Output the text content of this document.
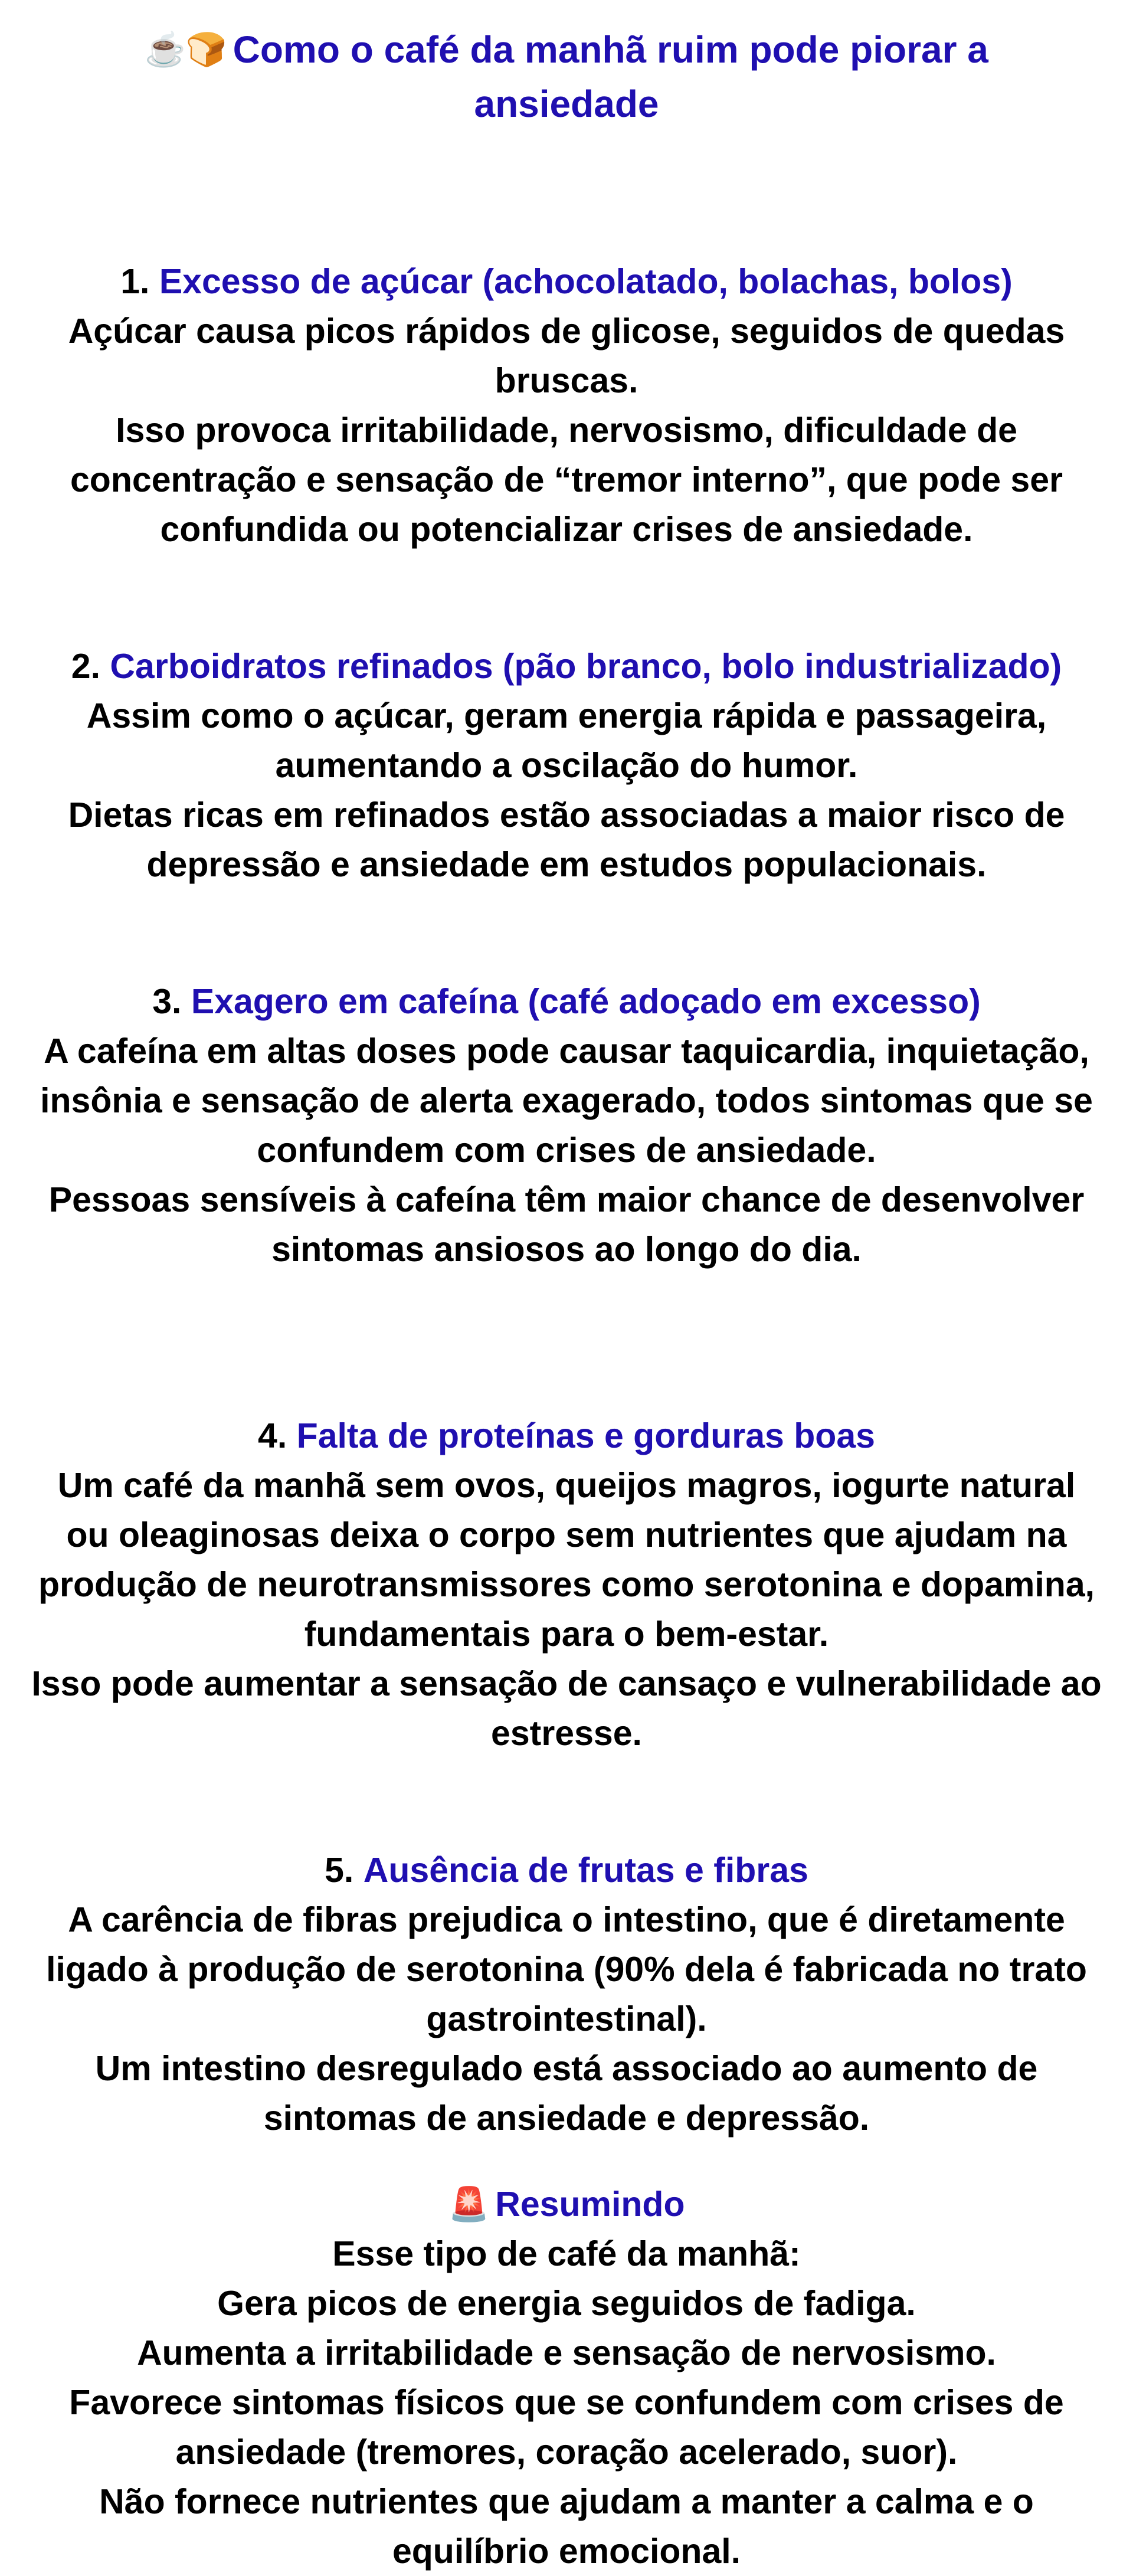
☕🍞 Como o café da manhã ruim pode piorar a
ansiedade
1.
Excesso de açúcar (achocolatado, bolachas, bolos)
Açúcar causa picos rápidos de glicose, seguidos de quedas
bruscas.
Isso provoca irritabilidade, nervosismo, dificuldade de
concentração e sensação de “tremor interno”, que pode ser
confundida ou potencializar crises de ansiedade.
2.
Carboidratos refinados (pão branco, bolo industrializado)
Assim como o açúcar, geram energia rápida e passageira,
aumentando a oscilação do humor.
Dietas ricas em refinados estão associadas a maior risco de
depressão e ansiedade em estudos populacionais.
3.
Exagero em cafeína (café adoçado em excesso)
A cafeína em altas doses pode causar taquicardia, inquietação,
insônia e sensação de alerta exagerado, todos sintomas que se
confundem com crises de ansiedade.
Pessoas sensíveis à cafeína têm maior chance de desenvolver
sintomas ansiosos ao longo do dia.
4.
Falta de proteínas e gorduras boas
Um café da manhã sem ovos, queijos magros, iogurte natural
ou oleaginosas deixa o corpo sem nutrientes que ajudam na
produção de neurotransmissores como serotonina e dopamina,
fundamentais para o bem-estar.
Isso pode aumentar a sensação de cansaço e vulnerabilidade ao
estresse.
5.
Ausência de frutas e fibras
A carência de fibras prejudica o intestino, que é diretamente
ligado à produção de serotonina (90% dela é fabricada no trato
gastrointestinal).
Um intestino desregulado está associado ao aumento de
sintomas de ansiedade e depressão.
🚨 Resumindo
Esse tipo de café da manhã:
Gera picos de energia seguidos de fadiga.
Aumenta a irritabilidade e sensação de nervosismo.
Favorece sintomas físicos que se confundem com crises de
ansiedade (tremores, coração acelerado, suor).
Não fornece nutrientes que ajudam a manter a calma e o
equilíbrio emocional.
